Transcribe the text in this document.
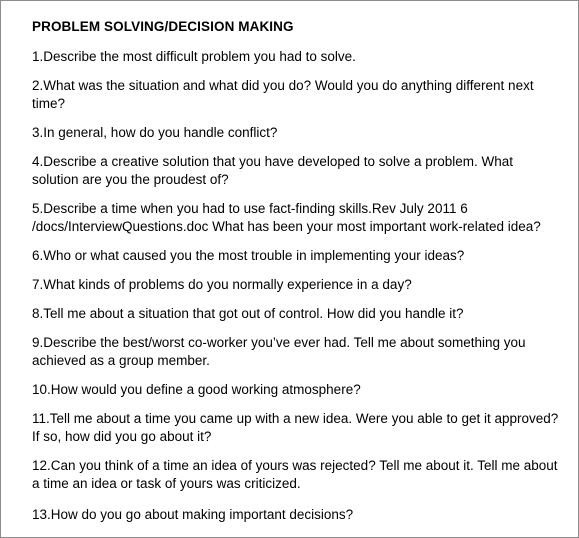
PROBLEM SOLVING/DECISION MAKING

1.Describe the most difficult problem you had to solve.

2.What was the situation and what did you do? Would you do anything different next time?

3.In general, how do you handle conflict?

4.Describe a creative solution that you have developed to solve a problem. What solution are you the proudest of?

5.Describe a time when you had to use fact-finding skills.Rev July 2011 6 /docs/InterviewQuestions.doc What has been your most important work-related idea?

6.Who or what caused you the most trouble in implementing your ideas?

7.What kinds of problems do you normally experience in a day?

8.Tell me about a situation that got out of control. How did you handle it?

9.Describe the best/worst co-worker you’ve ever had. Tell me about something you achieved as a group member.

10.How would you define a good working atmosphere?

11.Tell me about a time you came up with a new idea. Were you able to get it approved? If so, how did you go about it?

12.Can you think of a time an idea of yours was rejected? Tell me about it. Tell me about a time an idea or task of yours was criticized.

13.How do you go about making important decisions?
